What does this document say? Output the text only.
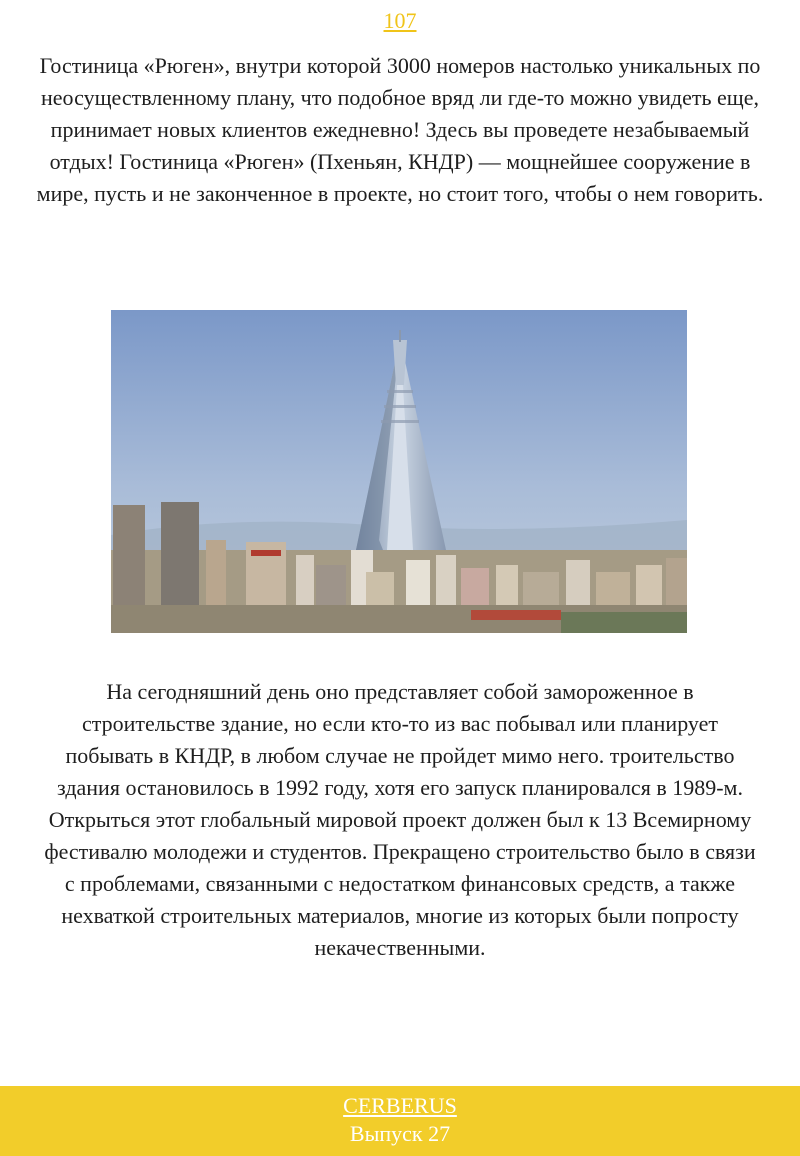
107
Гостиница «Рюген», внутри которой 3000 номеров настолько уникальных по неосуществленному плану, что подобное вряд ли где-то можно увидеть еще, принимает новых клиентов ежедневно! Здесь вы проведете незабываемый отдых! Гостиница «Рюген» (Пхеньян, КНДР) — мощнейшее сооружение в мире, пусть и не законченное в проекте, но стоит того, чтобы о нем говорить.
На сегодняшний день оно представляет собой замороженное в строительстве здание, но если кто-то из вас побывал или планирует побывать в КНДР, в любом случае не пройдет мимо него. троительство здания остановилось в 1992 году, хотя его запуск планировался в 1989-м. Открыться этот глобальный мировой проект должен был к 13 Всемирному фестивалю молодежи и студентов. Прекращено строительство было в связи с проблемами, связанными с недостатком финансовых средств, а также нехваткой строительных материалов, многие из которых были попросту некачественными.
CERBERUS
Выпуск 27
